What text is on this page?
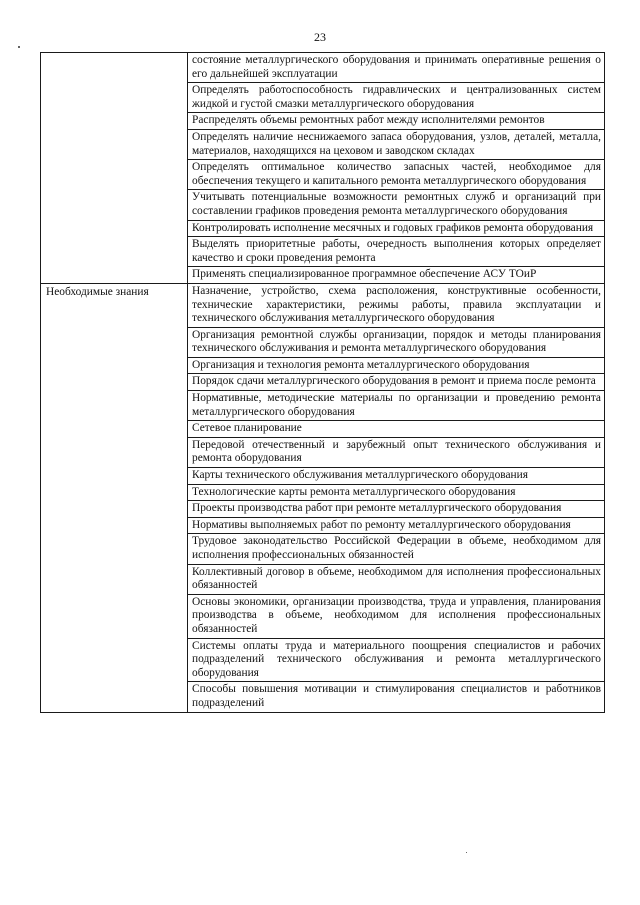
23
	состояние металлургического оборудования и принимать оперативные решения о его дальнейшей эксплуатации
	Определять работоспособность гидравлических и централизованных систем жидкой и густой смазки металлургического оборудования
	Распределять объемы ремонтных работ между исполнителями ремонтов
	Определять наличие неснижаемого запаса оборудования, узлов, деталей, металла, материалов, находящихся на цеховом и заводском складах
	Определять оптимальное количество запасных частей, необходимое для обеспечения текущего и капитального ремонта металлургического оборудования
	Учитывать потенциальные возможности ремонтных служб и организаций при составлении графиков проведения ремонта металлургического оборудования
	Контролировать исполнение месячных и годовых графиков ремонта оборудования
	Выделять приоритетные работы, очередность выполнения которых определяет качество и сроки проведения ремонта
	Применять специализированное программное обеспечение АСУ ТОиР
Необходимые знания	Назначение, устройство, схема расположения, конструктивные особенности, технические характеристики, режимы работы, правила эксплуатации и технического обслуживания металлургического оборудования
	Организация ремонтной службы организации, порядок и методы планирования технического обслуживания и ремонта металлургического оборудования
	Организация и технология ремонта металлургического оборудования
	Порядок сдачи металлургического оборудования в ремонт и приема после ремонта
	Нормативные, методические материалы по организации и проведению ремонта металлургического оборудования
	Сетевое планирование
	Передовой отечественный и зарубежный опыт технического обслуживания и ремонта оборудования
	Карты технического обслуживания металлургического оборудования
	Технологические карты ремонта металлургического оборудования
	Проекты производства работ при ремонте металлургического оборудования
	Нормативы выполняемых работ по ремонту металлургического оборудования
	Трудовое законодательство Российской Федерации в объеме, необходимом для исполнения профессиональных обязанностей
	Коллективный договор в объеме, необходимом для исполнения профессиональных обязанностей
	Основы экономики, организации производства, труда и управления, планирования производства в объеме, необходимом для исполнения профессиональных обязанностей
	Системы оплаты труда и материального поощрения специалистов и рабочих подразделений технического обслуживания и ремонта металлургического оборудования
	Способы повышения мотивации и стимулирования специалистов и работников подразделений
